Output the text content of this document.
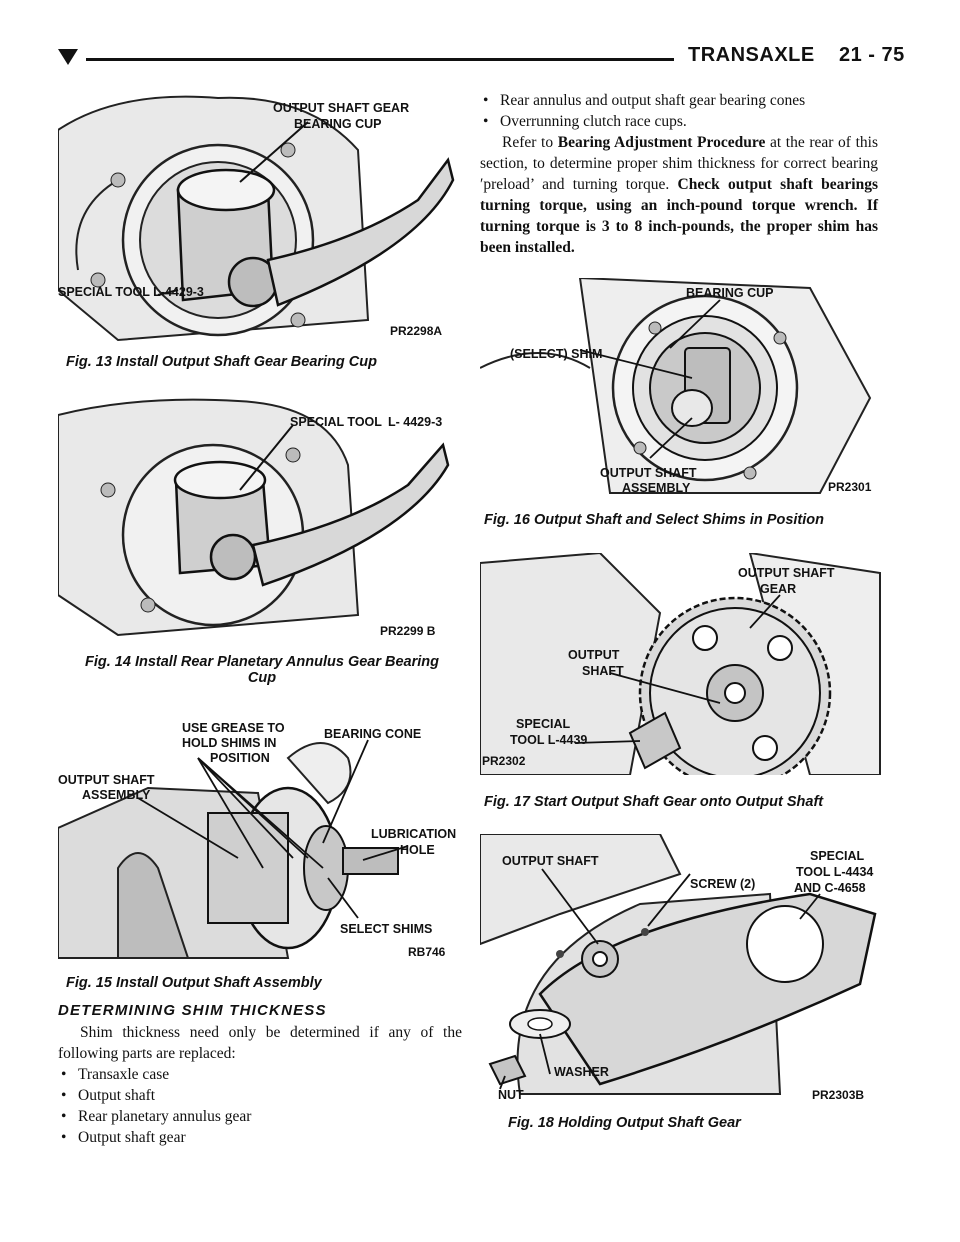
TRANSAXLE    21 - 75
OUTPUT SHAFT GEAR
BEARING CUP
SPECIAL TOOL L-4429-3
PR2298A
Fig. 13 Install Output Shaft Gear Bearing Cup
SPECIAL TOOL L- 4429-3
PR2299 B
Fig. 14 Install Rear Planetary Annulus Gear Bearing
Cup
USE GREASE TO
HOLD SHIMS IN
POSITION
BEARING CONE
OUTPUT SHAFT
ASSEMBLY
LUBRICATION
HOLE
SELECT SHIMS
RB746
Fig. 15 Install Output Shaft Assembly
DETERMINING SHIM THICKNESS

Shim thickness need only be determined if any of the following parts are replaced:

• Transaxle case
• Output shaft
• Rear planetary annulus gear
• Output shaft gear
• Rear annulus and output shaft gear bearing cones
• Overrunning clutch race cups.

Refer to Bearing Adjustment Procedure at the rear of this section, to determine proper shim thickness for correct bearing ′preload’ and turning torque. Check output shaft bearings turning torque, using an inch-pound torque wrench. If turning torque is 3 to 8 inch-pounds, the proper shim has been installed.

BEARING CUP
(SELECT) SHIM
OUTPUT SHAFT
ASSEMBLY	PR2301
Fig. 16 Output Shaft and Select Shims in Position
OUTPUT SHAFT
GEAR
OUTPUT
SHAFT
SPECIAL
TOOL L-4439
PR2302
Fig. 17 Start Output Shaft Gear onto Output Shaft
OUTPUT SHAFT
SCREW (2)
SPECIAL
TOOL L-4434
AND C-4658
WASHER
NUT	PR2303B
Fig. 18 Holding Output Shaft Gear
